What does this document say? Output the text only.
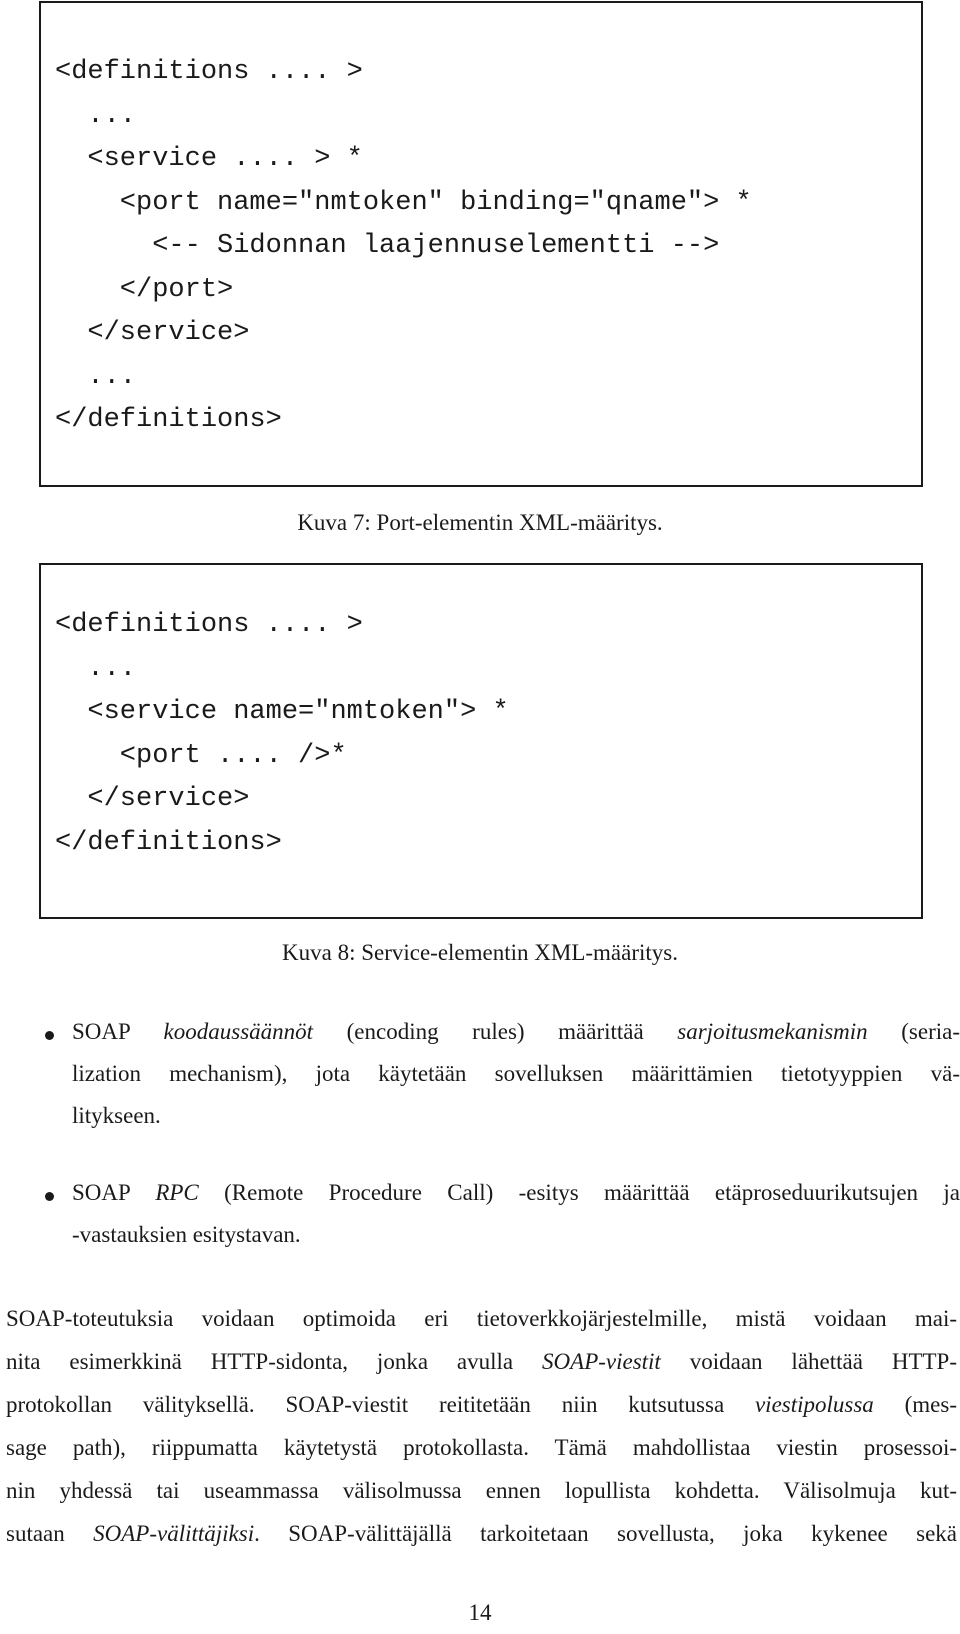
<definitions .... >
...
<service .... > *
<port name="nmtoken" binding="qname"> *
<-- Sidonnan laajennuselementti -->
</port>
</service>
...
</definitions>
Kuva 7: Port-elementin XML-määritys.
<definitions .... >
...
<service name="nmtoken"> *
<port .... />*
</service>
</definitions>
Kuva 8: Service-elementin XML-määritys.
SOAP koodaussäännöt (encoding rules) määrittää sarjoitusmekanismin (seria-
lization mechanism), jota käytetään sovelluksen määrittämien tietotyyppien vä-
litykseen.
SOAP RPC (Remote Procedure Call) -esitys määrittää etäproseduurikutsujen ja
-vastauksien esitystavan.
SOAP-toteutuksia voidaan optimoida eri tietoverkkojärjestelmille, mistä voidaan mai-
nita esimerkkinä HTTP-sidonta, jonka avulla SOAP-viestit voidaan lähettää HTTP-
protokollan välityksellä. SOAP-viestit reititetään niin kutsutussa viestipolussa (mes-
sage path), riippumatta käytetystä protokollasta. Tämä mahdollistaa viestin prosessoi-
nin yhdessä tai useammassa välisolmussa ennen lopullista kohdetta. Välisolmuja kut-
sutaan SOAP-välittäjiksi. SOAP-välittäjällä tarkoitetaan sovellusta, joka kykenee sekä
14
